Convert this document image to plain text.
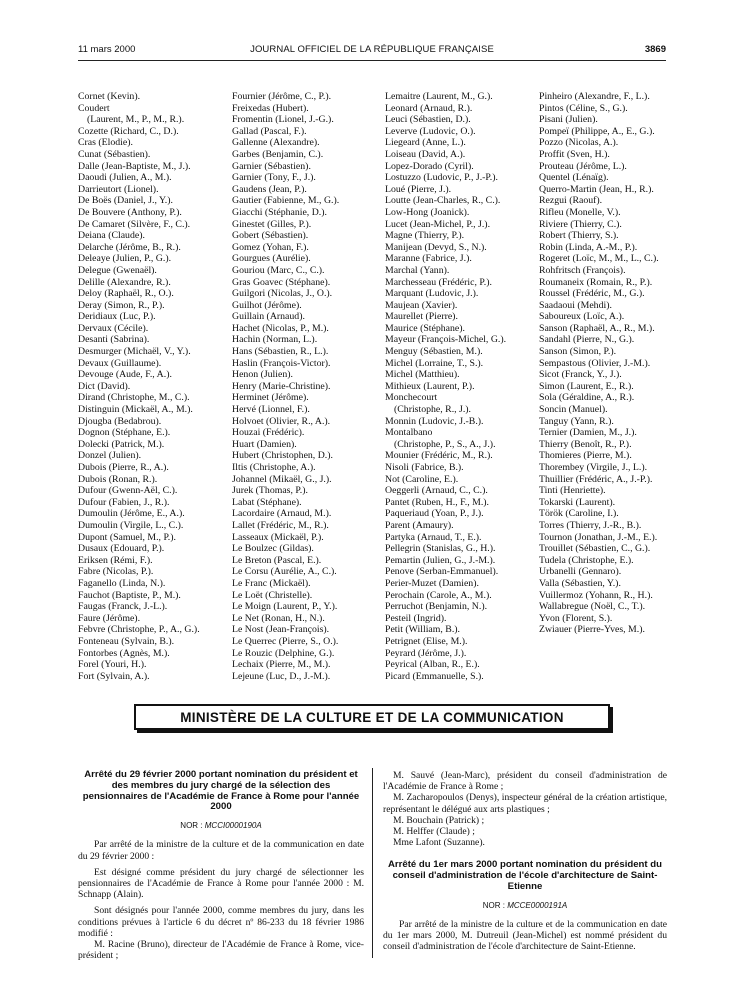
11 mars 2000	JOURNAL OFFICIEL DE LA RÉPUBLIQUE FRANÇAISE	3869
Cornet (Kevin).
Coudert
(Laurent, M., P., M., R.).
Cozette (Richard, C., D.).
Cras (Elodie).
Cunat (Sébastien).
Dalle (Jean-Baptiste, M., J.).
Daoudi (Julien, A., M.).
Darrieutort (Lionel).
De Boës (Daniel, J., Y.).
De Bouvere (Anthony, P.).
De Camaret (Silvère, F., C.).
Deiana (Claude).
Delarche (Jérôme, B., R.).
Deleaye (Julien, P., G.).
Delegue (Gwenaël).
Delille (Alexandre, R.).
Deloy (Raphaël, R., O.).
Deray (Simon, R., P.).
Deridiaux (Luc, P.).
Dervaux (Cécile).
Desanti (Sabrina).
Desmurger (Michaël, V., Y.).
Devaux (Guillaume).
Devouge (Aude, F., A.).
Dict (David).
Dirand (Christophe, M., C.).
Distinguin (Mickaël, A., M.).
Djougba (Bedabrou).
Dognon (Stéphane, E.).
Dolecki (Patrick, M.).
Donzel (Julien).
Dubois (Pierre, R., A.).
Dubois (Ronan, R.).
Dufour (Gwenn-Aël, C.).
Dufour (Fabien, J., R.).
Dumoulin (Jérôme, E., A.).
Dumoulin (Virgile, L., C.).
Dupont (Samuel, M., P.).
Dusaux (Edouard, P.).
Eriksen (Rémi, F.).
Fabre (Nicolas, P.).
Faganello (Linda, N.).
Fauchot (Baptiste, P., M.).
Faugas (Franck, J.-L.).
Faure (Jérôme).
Febvre (Christophe, P., A., G.).
Fonteneau (Sylvain, B.).
Fontorbes (Agnès, M.).
Forel (Youri, H.).
Fort (Sylvain, A.).
Fournier (Jérôme, C., P.).
Freixedas (Hubert).
Fromentin (Lionel, J.-G.).
Gallad (Pascal, F.).
Gallenne (Alexandre).
Garbes (Benjamin, C.).
Garnier (Sébastien).
Garnier (Tony, F., J.).
Gaudens (Jean, P.).
Gautier (Fabienne, M., G.).
Giacchi (Stéphanie, D.).
Ginestet (Gilles, P.).
Gobert (Sébastien).
Gomez (Yohan, F.).
Gourgues (Aurélie).
Gouriou (Marc, C., C.).
Gras Goavec (Stéphane).
Guilgori (Nicolas, J., O.).
Guilhot (Jérôme).
Guillain (Arnaud).
Hachet (Nicolas, P., M.).
Hachin (Norman, L.).
Hans (Sébastien, R., L.).
Haslin (François-Victor).
Henon (Julien).
Henry (Marie-Christine).
Herminet (Jérôme).
Hervé (Lionnel, F.).
Holvoet (Olivier, R., A.).
Houzai (Frédéric).
Huart (Damien).
Hubert (Christophen, D.).
Iltis (Christophe, A.).
Johannel (Mikaël, G., J.).
Jurek (Thomas, P.).
Labat (Stéphane).
Lacordaire (Arnaud, M.).
Lallet (Frédéric, M., R.).
Lasseaux (Mickaël, P.).
Le Boulzec (Gildas).
Le Breton (Pascal, E.).
Le Corsu (Aurélie, A., C.).
Le Franc (Mickaël).
Le Loët (Christelle).
Le Moign (Laurent, P., Y.).
Le Net (Ronan, H., N.).
Le Nost (Jean-François).
Le Querrec (Pierre, S., O.).
Le Rouzic (Delphine, G.).
Lechaix (Pierre, M., M.).
Lejeune (Luc, D., J.-M.).
Lemaitre (Laurent, M., G.).
Leonard (Arnaud, R.).
Leuci (Sébastien, D.).
Leverve (Ludovic, O.).
Liegeard (Anne, L.).
Loiseau (David, A.).
Lopez-Dorado (Cyril).
Lostuzzo (Ludovic, P., J.-P.).
Loué (Pierre, J.).
Loutte (Jean-Charles, R., C.).
Low-Hong (Joanick).
Lucet (Jean-Michel, P., J.).
Magne (Thierry, P.).
Manijean (Devyd, S., N.).
Maranne (Fabrice, J.).
Marchal (Yann).
Marchesseau (Frédéric, P.).
Marquant (Ludovic, J.).
Maujean (Xavier).
Maurellet (Pierre).
Maurice (Stéphane).
Mayeur (François-Michel, G.).
Menguy (Sébastien, M.).
Michel (Lorraine, T., S.).
Michel (Matthieu).
Mithieux (Laurent, P.).
Monchecourt
(Christophe, R., J.).
Monnin (Ludovic, J.-B.).
Montalbano
(Christophe, P., S., A., J.).
Mounier (Frédéric, M., R.).
Nisoli (Fabrice, B.).
Not (Caroline, E.).
Oeggerli (Arnaud, C., C.).
Pantet (Ruben, H., F., M.).
Paqueriaud (Yoan, P., J.).
Parent (Amaury).
Partyka (Arnaud, T., E.).
Pellegrin (Stanislas, G., H.).
Pemartin (Julien, G., J.-M.).
Penove (Serban-Emmanuel).
Perier-Muzet (Damien).
Perochain (Carole, A., M.).
Perruchot (Benjamin, N.).
Pesteil (Ingrid).
Petit (William, B.).
Petrignet (Elise, M.).
Peyrard (Jérôme, J.).
Peyrical (Alban, R., E.).
Picard (Emmanuelle, S.).
Pinheiro (Alexandre, F., L.).
Pintos (Céline, S., G.).
Pisani (Julien).
Pompeï (Philippe, A., E., G.).
Pozzo (Nicolas, A.).
Proffit (Sven, H.).
Prouteau (Jérôme, L.).
Quentel (Lénaïg).
Querro-Martin (Jean, H., R.).
Rezgui (Raouf).
Rifleu (Monelle, V.).
Riviere (Thierry, C.).
Robert (Thierry, S.).
Robin (Linda, A.-M., P.).
Rogeret (Loïc, M., M., L., C.).
Rohfritsch (François).
Roumaneix (Romain, R., P.).
Roussel (Frédéric, M., G.).
Saadaoui (Mehdi).
Saboureux (Loïc, A.).
Sanson (Raphaël, A., R., M.).
Sandahl (Pierre, N., G.).
Sanson (Simon, P.).
Sempastous (Olivier, J.-M.).
Sicot (Franck, Y., J.).
Simon (Laurent, E., R.).
Sola (Géraldine, A., R.).
Soncin (Manuel).
Tanguy (Yann, R.).
Ternier (Damien, M., J.).
Thierry (Benoît, R., P.).
Thomieres (Pierre, M.).
Thorembey (Virgile, J., L.).
Thuillier (Frédéric, A., J.-P.).
Tinti (Henriette).
Tokarski (Laurent).
Török (Caroline, I.).
Torres (Thierry, J.-R., B.).
Tournon (Jonathan, J.-M., E.).
Trouillet (Sébastien, C., G.).
Tudela (Christophe, E.).
Urbanelli (Gennaro).
Valla (Sébastien, Y.).
Vuillermoz (Yohann, R., H.).
Wallabregue (Noël, C., T.).
Yvon (Florent, S.).
Zwiauer (Pierre-Yves, M.).
MINISTÈRE DE LA CULTURE ET DE LA COMMUNICATION

Arrêté du 29 février 2000 portant nomination du président et des membres du jury chargé de la sélection des pensionnaires de l'Académie de France à Rome pour l'année 2000

NOR : MCCI0000190A

Par arrêté de la ministre de la culture et de la communication en date du 29 février 2000 :

Est désigné comme président du jury chargé de sélectionner les pensionnaires de l'Académie de France à Rome pour l'année 2000 : M. Schnapp (Alain).

Sont désignés pour l'année 2000, comme membres du jury, dans les conditions prévues à l'article 6 du décret nº 86-233 du 18 février 1986 modifié :

M. Racine (Bruno), directeur de l'Académie de France à Rome, vice-président ;

M. Sauvé (Jean-Marc), président du conseil d'administration de l'Académie de France à Rome ;

M. Zacharopoulos (Denys), inspecteur général de la création artistique, représentant le délégué aux arts plastiques ;

M. Bouchain (Patrick) ;

M. Helffer (Claude) ;

Mme Lafont (Suzanne).

Arrêté du 1er mars 2000 portant nomination du président du conseil d'administration de l'école d'architecture de Saint-Etienne

NOR : MCCE0000191A

Par arrêté de la ministre de la culture et de la communication en date du 1er mars 2000, M. Dutreuil (Jean-Michel) est nommé président du conseil d'administration de l'école d'architecture de Saint-Etienne.
